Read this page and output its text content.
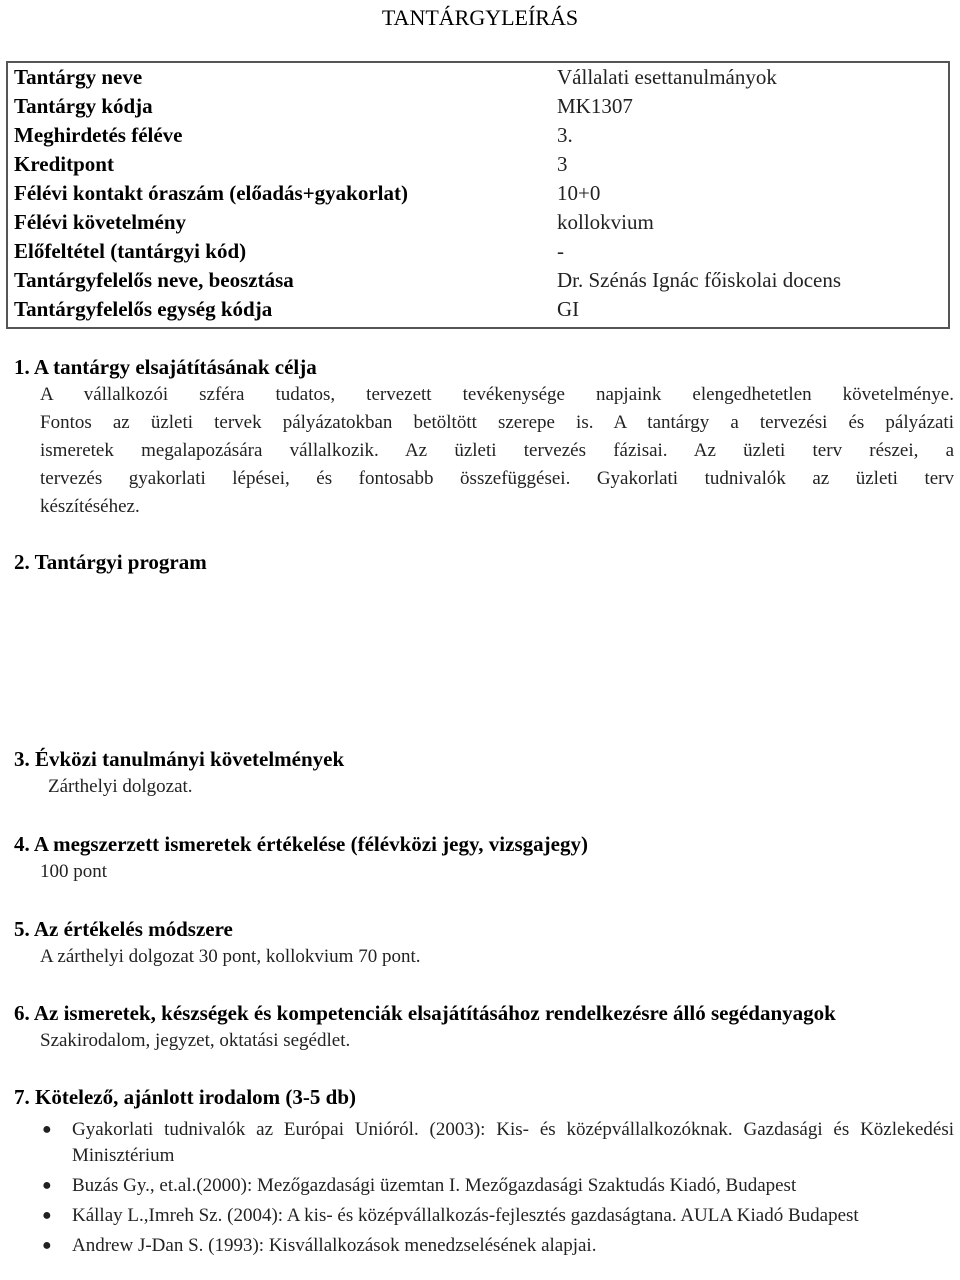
TANTÁRGYLEÍRÁS
Tantárgy neve	Vállalati esettanulmányok
Tantárgy kódja	MK1307
Meghirdetés féléve	3.
Kreditpont	3
Félévi kontakt óraszám (előadás+gyakorlat)	10+0
Félévi követelmény	kollokvium
Előfeltétel (tantárgyi kód)	-
Tantárgyfelelős neve, beosztása	Dr. Szénás Ignác főiskolai docens
Tantárgyfelelős egység kódja	GI
1. A tantárgy elsajátításának célja
A vállalkozói szféra tudatos, tervezett tevékenysége napjaink elengedhetetlen követelménye.
Fontos az üzleti tervek pályázatokban betöltött szerepe is. A tantárgy a tervezési és pályázati
ismeretek megalapozására vállalkozik. Az üzleti tervezés fázisai. Az üzleti terv részei, a
tervezés gyakorlati lépései, és fontosabb összefüggései. Gyakorlati tudnivalók az üzleti terv
készítéséhez.
2. Tantárgyi program
3. Évközi tanulmányi követelmények
Zárthelyi dolgozat.
4. A megszerzett ismeretek értékelése (félévközi jegy, vizsgajegy)
100 pont
5. Az értékelés módszere
A zárthelyi dolgozat 30 pont, kollokvium 70 pont.
6. Az ismeretek, készségek és kompetenciák elsajátításához rendelkezésre álló segédanyagok
Szakirodalom, jegyzet, oktatási segédlet.
7. Kötelező, ajánlott irodalom (3-5 db)
● Gyakorlati tudnivalók az Európai Unióról. (2003): Kis- és középvállalkozóknak. Gazdasági és Közlekedési Minisztérium
● Buzás Gy., et.al.(2000): Mezőgazdasági üzemtan I. Mezőgazdasági Szaktudás Kiadó, Budapest
● Kállay L.,Imreh Sz. (2004): A kis- és középvállalkozás-fejlesztés gazdaságtana. AULA Kiadó Budapest
● Andrew J-Dan S. (1993): Kisvállalkozások menedzselésének alapjai.
